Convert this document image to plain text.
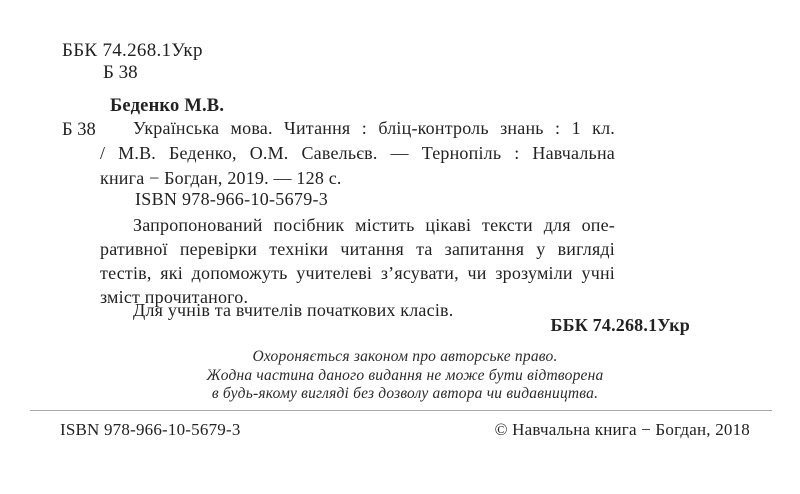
ББК 74.268.1Укр
Б 38
Беденко М.В.
Б 38	Українська мова. Читання : бліц-контроль знань : 1 кл.
/ М.В. Беденко, О.М. Савельєв. — Тернопіль : Навчальна
книга − Богдан, 2019. — 128 с.
ISBN 978-966-10-5679-3
Запропонований посібник містить цікаві тексти для опе-
ративної перевірки техніки читання та запитання у вигляді
тестів, які допоможуть учителеві з’ясувати, чи зрозуміли учні
зміст прочитаного.
Для учнів та вчителів початкових класів.
ББК 74.268.1Укр
Охороняється законом про авторське право.
Жодна частина даного видання не може бути відтворена
в будь-якому вигляді без дозволу автора чи видавництва.
ISBN 978-966-10-5679-3	© Навчальна книга − Богдан, 2018
